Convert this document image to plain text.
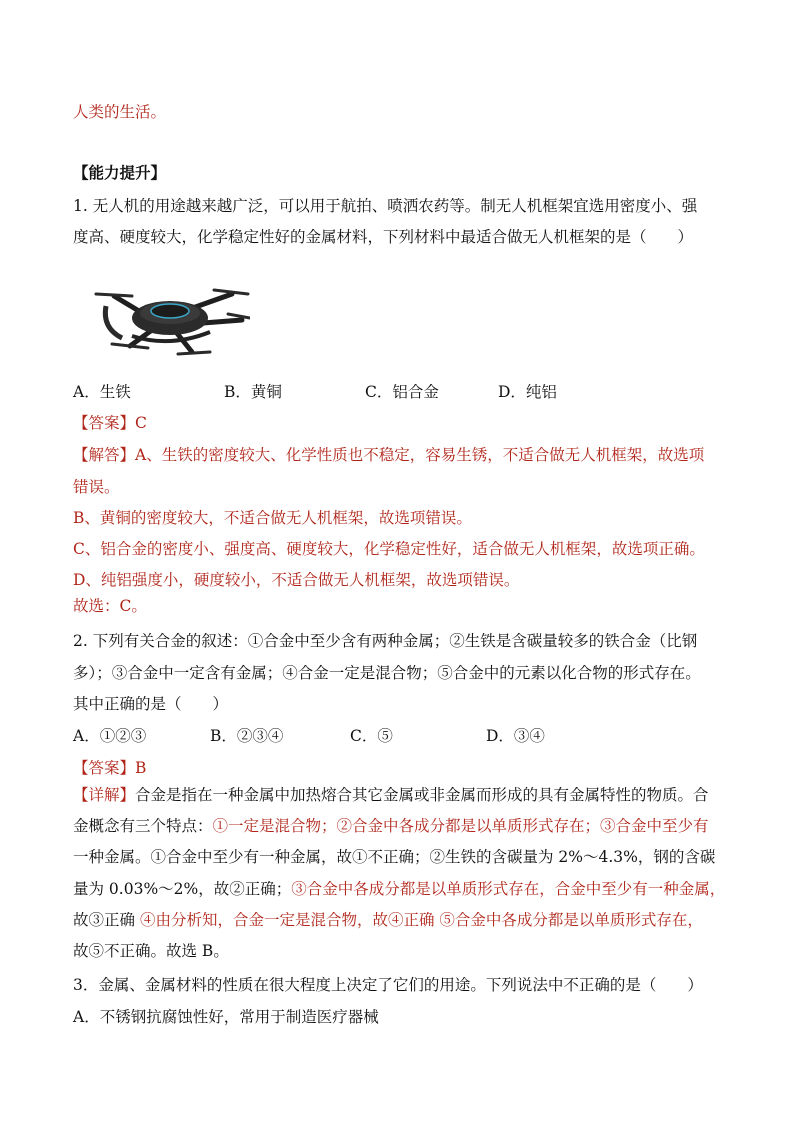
人类的生活。
【能力提升】
1. 无人机的用途越来越广泛，可以用于航拍、喷洒农药等。制无人机框架宜选用密度小、强
度高、硬度较大，化学稳定性好的金属材料，下列材料中最适合做无人机框架的是（　　）
A．生铁	B．黄铜	C．铝合金	D．纯铝
【答案】C
【解答】A、生铁的密度较大、化学性质也不稳定，容易生锈，不适合做无人机框架，故选项
错误。
B、黄铜的密度较大，不适合做无人机框架，故选项错误。
C、铝合金的密度小、强度高、硬度较大，化学稳定性好，适合做无人机框架，故选项正确。
D、纯铝强度小，硬度较小，不适合做无人机框架，故选项错误。
故选：C。
2. 下列有关合金的叙述：①合金中至少含有两种金属；②生铁是含碳量较多的铁合金（比钢
多）；③合金中一定含有金属；④合金一定是混合物；⑤合金中的元素以化合物的形式存在。
其中正确的是（　　）
A．①②③	B．②③④	C．⑤	D．③④
【答案】B
【详解】合金是指在一种金属中加热熔合其它金属或非金属而形成的具有金属特性的物质。合
金概念有三个特点：①一定是混合物；②合金中各成分都是以单质形式存在；③合金中至少有
一种金属。①合金中至少有一种金属，故①不正确；②生铁的含碳量为 2%～4.3%，钢的含碳
量为 0.03%～2%，故②正确；③合金中各成分都是以单质形式存在，合金中至少有一种金属，
故③正确 ④由分析知，合金一定是混合物，故④正确 ⑤合金中各成分都是以单质形式存在，
故⑤不正确。故选 B。
3．金属、金属材料的性质在很大程度上决定了它们的用途。下列说法中不正确的是（　　）
A．不锈钢抗腐蚀性好，常用于制造医疗器械
